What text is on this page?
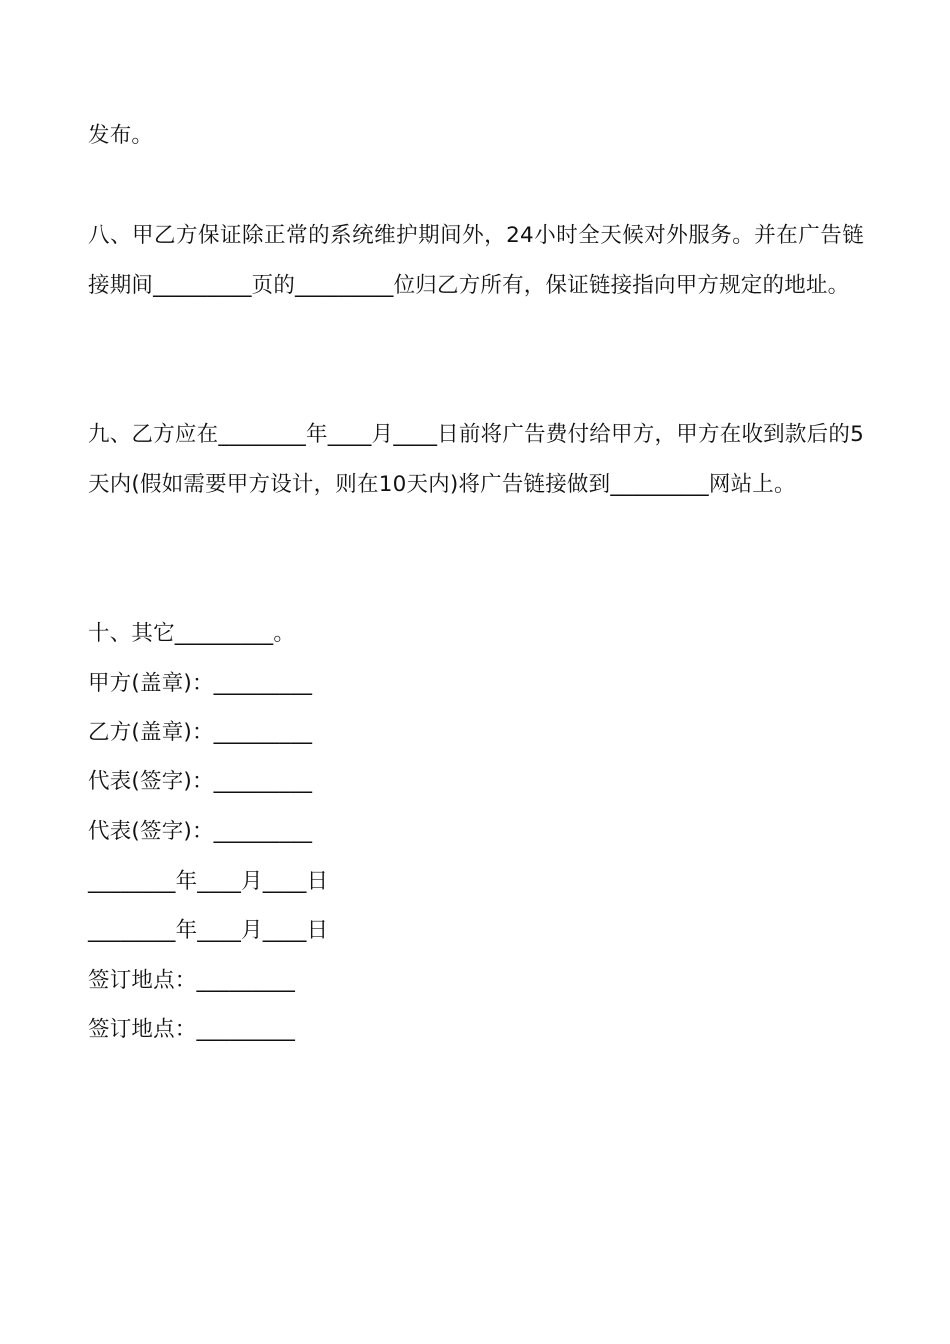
发布。

八、甲乙方保证除正常的系统维护期间外，24小时全天候对外服务。并在广告链接期间_________页的_________位归乙方所有，保证链接指向甲方规定的地址。

九、乙方应在________年____月____日前将广告费付给甲方，甲方在收到款后的5天内(假如需要甲方设计，则在10天内)将广告链接做到_________网站上。

十、其它_________。

甲方(盖章)：_________

乙方(盖章)：_________

代表(签字)：_________

代表(签字)：_________

________年____月____日

________年____月____日

签订地点：_________

签订地点：_________
